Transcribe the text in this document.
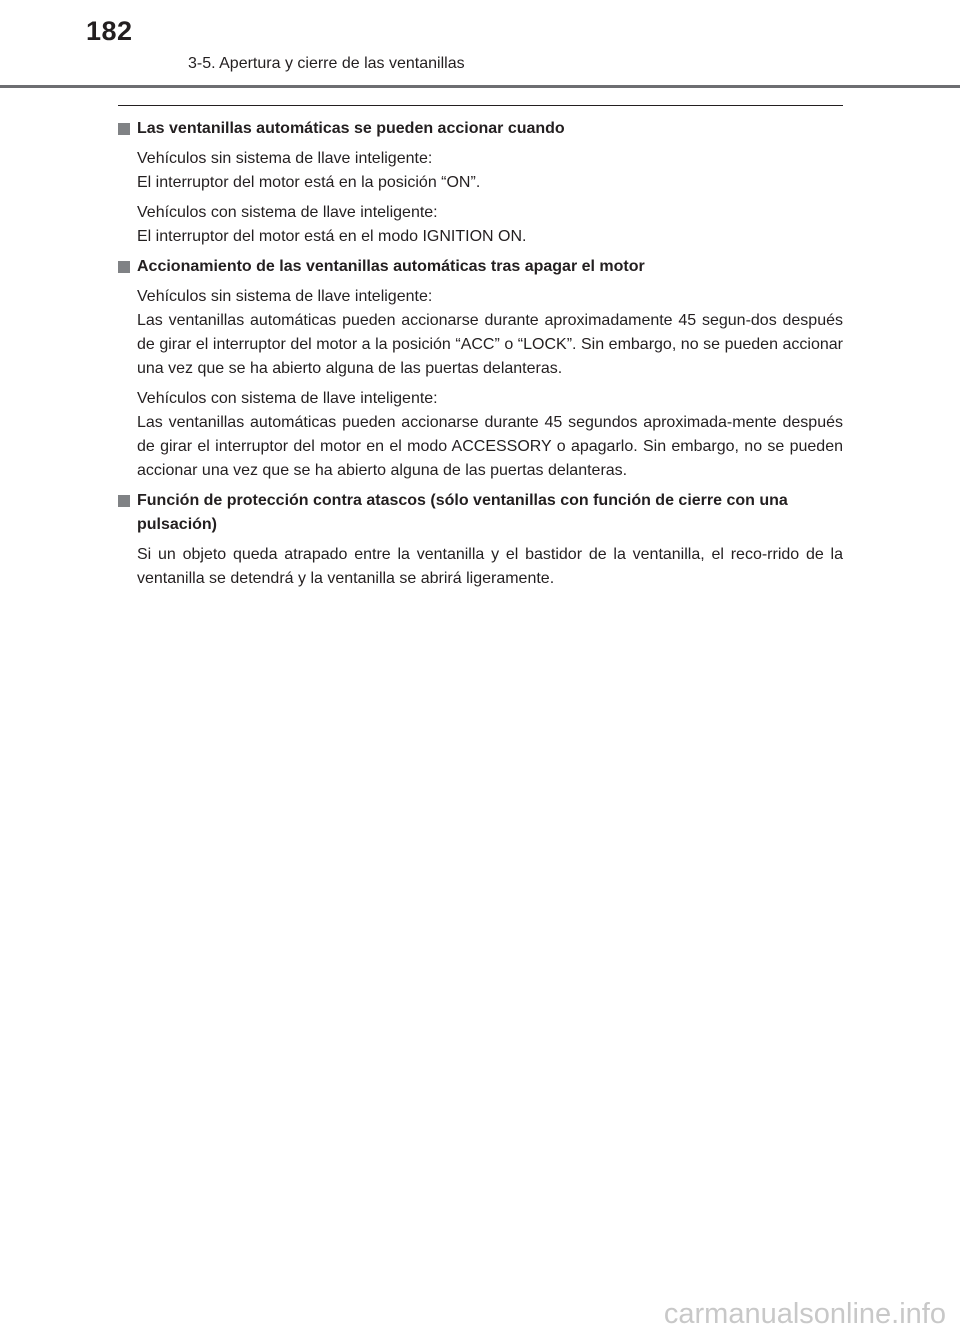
182
3-5. Apertura y cierre de las ventanillas
Las ventanillas automáticas se pueden accionar cuando

Vehículos sin sistema de llave inteligente:
El interruptor del motor está en la posición “ON”.

Vehículos con sistema de llave inteligente:
El interruptor del motor está en el modo IGNITION ON.

Accionamiento de las ventanillas automáticas tras apagar el motor

Vehículos sin sistema de llave inteligente:
Las ventanillas automáticas pueden accionarse durante aproximadamente 45 segun-dos después de girar el interruptor del motor a la posición “ACC” o “LOCK”. Sin embargo, no se pueden accionar una vez que se ha abierto alguna de las puertas delanteras.

Vehículos con sistema de llave inteligente:
Las ventanillas automáticas pueden accionarse durante 45 segundos aproximada-mente después de girar el interruptor del motor en el modo ACCESSORY o apagarlo. Sin embargo, no se pueden accionar una vez que se ha abierto alguna de las puertas delanteras.

Función de protección contra atascos (sólo ventanillas con función de cierre con una pulsación)

Si un objeto queda atrapado entre la ventanilla y el bastidor de la ventanilla, el reco-rrido de la ventanilla se detendrá y la ventanilla se abrirá ligeramente.

carmanualsonline.info
